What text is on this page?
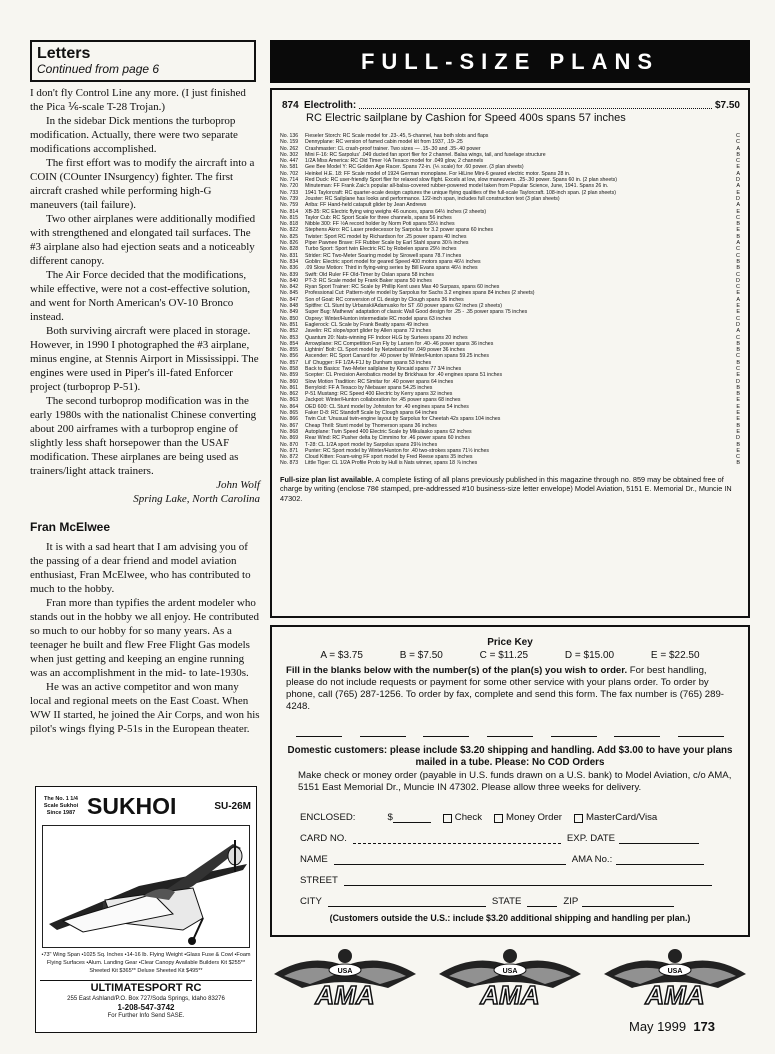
Letters

Continued from page 6

I don't fly Control Line any more. (I just finished the Pica ⅙-scale T-28 Trojan.)

In the sidebar Dick mentions the turboprop modification. Actually, there were two separate modifications accomplished.

The first effort was to modify the aircraft into a COIN (COunter INsurgency) fighter. The first aircraft crashed while performing high-G maneuvers (tail failure).

Two other airplanes were additionally modified with strengthened and elongated tail surfaces. The #3 airplane also had ejection seats and a noticeably different canopy.

The Air Force decided that the modifications, while effective, were not a cost-effective solution, and went for North American's OV-10 Bronco instead.

Both surviving aircraft were placed in storage. However, in 1990 I photographed the #3 airplane, minus engine, at Stennis Airport in Mississippi. The engines were used in Piper's ill-fated Enforcer project (turboprop P-51).

The second turboprop modification was in the early 1980s with the nationalist Chinese converting about 200 airframes with a turboprop engine of slightly less shaft horsepower than the USAF modification. These airplanes are being used as trainers/light attack trainers.

John Wolf
Spring Lake, North Carolina
Fran McElwee

It is with a sad heart that I am advising you of the passing of a dear friend and model aviation enthusiast, Fran McElwee, who has contributed to much to the hobby.

Fran more than typifies the ardent modeler who stands out in the hobby we all enjoy. He contributed so much to our hobby for so many years. As a teenager he built and flew Free Flight Gas models when just getting and keeping an engine running was an accomplishment in the mid- to late-1930s.

He was an active competitor and won many local and regional meets on the East Coast. When WW II started, he joined the Air Corps, and won his pilot's wings flying P-51s in the European theater.

The No. 1 1/4 Scale Sukhoi Since 1987 SUKHOI	SU-26M
•73" Wing Span •1025 Sq. Inches •14-16 lb. Flying Weight •Glass Fuse & Cowl •Foam Flying Surfaces •Alum. Landing Gear •Clear Canopy Available Builders Kit $255** Sheeted Kit $365** Deluxe Sheeted Kit $495**
ULTIMATESPORT RC
255 East Ashland/P.O. Box 727/Soda Springs, Idaho 83276
1-208-547-3742
For Further Info Send SASE.
FULL-SIZE PLANS
874 Electrolith:	$7.50
RC Electric sailplane by Cashion for Speed 400s spans 57 inches
No. 136	Fieseler Storch: RC Scale model for .23-.45, 5-channel, has both slots and flaps	C
No. 159	Dennyplane: RC version of famed cabin model kit from 1937, .19-.25	C
No. 262	Crashmaster: CL crash-proof trainer. Two sizes — .15-.30 and .35-.40 power	A
No. 302	Mini F-16: RC Sarpolus' .049 ducted fan sport flier for 2 channel. Balsa wings, tail, and fuselage structure	B
No. 447	1/2A Miss America: RC Old Timer ½A Texaco model for .049 glow, 2 channels	C
No. 581	Gee Bee Model Y: RC Golden Age Racer. Spans 72-in. (⅙ scale) for .60 power. (3 plan sheets)	E
No. 702	Heinkel H.E. 18: FF Scale model of 1924 German monoplane. For HiLine Mini-6 geared electric motor. Spans 28 in.	A
No. 714	Red Duck: RC user-friendly Sport flier for relaxed slow flight. Excels at low, slow maneuvers. .25-.30 power. Spans 60 in. (2 plan sheets)	D
No. 720	Minuteman: FF Frank Zaic's popular all-balsa-covered rubber-powered model taken from Popular Science, June, 1941. Spans 26 in.	A
No. 733	1941 Taylorcraft: RC quarter-scale design captures the unique flying qualities of the full-scale Taylorcraft. 108-inch span. (2 plan sheets)	E
No. 739	Jouster: RC Sailplane has looks and performance. 122-inch span, includes full construction text (3 plan sheets)	D
No. 759	Ariba: FF Hand-held catapult glider by Jean Andrews	A
No. 814	XB-35: RC Electric flying wing weighs 46 ounces, spans 64½ inches (2 sheets)	E
No. 815	Taylor Cub: RC Sport Scale for three channels, spans 56 inches	C
No. 818	Nibble 300: FF ½A record holder by Norm Poti spans 55½ inches	B
No. 822	Stephens Akro: RC Laser predecessor by Sarpolus for 3.2 power spans 60 inches	E
No. 825	Twister: Sport RC model by Richardson for .25 power spans 40 inches	B
No. 826	Piper Pawnee Brave: FF Rubber Scale by Earl Stahl spans 30⅞ inches	A
No. 828	Turbo Sport: Sport twin Electric RC by Robelen spans 29½ inches	C
No. 831	Strider: RC Two-Meter Soaring model by Sirowell spans 78.7 inches	C
No. 834	Goblin: Electric sport model for geared Speed 400 motors spans 46½ inches	B
No. 836	.09 Slow Motion: Third in flying-wing series by Bill Evans spans 46½ inches	B
No. 839	Swift: Old Ruler FF Old-Timer by Oslan spans 58 inches	C
No. 840	PT-3: RC Scale model by Frank Baker spans 50 inches	D
No. 842	Ryan Sport Trainer: RC Scale by Phillip Kent uses Max 40 Surpass, spans 60 inches	C
No. 845	Professional Cut: Pattern-style model by Sarpolus for Sachs 3.2 engines spans 84 inches (2 sheets)	E
No. 847	Son of Goat: RC conversion of CL design by Clough spans 36 inches	A
No. 848	Spitfire: CL Stunt by Urbanski/Adamusko for ST .60 power spans 62 inches (2 sheets)	E
No. 849	Super Bug: Mathews' adaptation of classic Wall Good design for .25 - .35 power spans 75 inches	E
No. 850	Osprey: Winter/Hunton intermediate RC model spans 63 inches	C
No. 851	Eaglerock: CL Scale by Frank Beatty spans 49 inches	D
No. 852	Javelin: RC slope/sport glider by Allen spans 72 inches	A
No. 853	Quantum 20: Nats-winning FF Indoor HLG by Surtees spans 20 inches	C
No. 854	Arrowplane: RC Competition Fun Fly by Larsen for .40-.46 power spans 36 inches	B
No. 855	Lightnin' Bolt: CL Sport model by Netzeband for .049 power 36 inches	B
No. 856	Ascender: RC Sport Canard for .40 power by Winter/Hunton spans 59.25 inches	C
No. 857	Lil' Chugger: FF 1/2A-F1J by Dunham spans 53 inches	B
No. 858	Back to Basics: Two-Meter sailplane by Kincaid spans 77 3/4 inches	C
No. 859	Scepter: CL Precision Aerobatics model by Brickhaus for .40 engines spans 51 inches	E
No. 860	Slow Motion Tradition: RC Simitar for .40 power spans 64 inches	D
No. 861	Berryloid: FF A Texaco by Niebauer spans 54.25 inches	B
No. 862	P-51 Mustang: RC Speed 400 Electric by Kerry spans 32 inches	B
No. 863	Jackpot: Winter/Hunton collaboration for .45 power spans 68 inches	E
No. 864	OED 600: CL Stunt model by Johnston for .40 engines spans 54 inches	E
No. 865	Faker D-8: RC Standoff Scale by Clough spans 64 inches	E
No. 866	Twin Cut: 'Unusual twin-engine layout by Sarpolus for Cheetah 42s spans 104 inches	E
No. 867	Cheap Thrill: Stunt model by Thomerson spans 36 inches	B
No. 868	Autoplane: Twin Speed 400 Electric Scale by Mikulasko spans 62 inches	E
No. 869	Rear Wind: RC Pusher delta by Cimmino for .46 power spans 60 inches	D
No. 870	T-28: CL 1/2A sport model by Sarpolus spans 29⅛ inches	B
No. 871	Punter: RC Sport model by Winter/Hunton for .40 two-strokes spans 71½ inches	E
No. 872	Cloud Kitten: Foam-wing FF sport model by Fred Reese spans 35 inches	C
No. 873	Little Tiger: CL 1/2A Profile Proto by Hull is Nats winner, spans 18 ⅞ inches	B
Full-size plan list available. A complete listing of all plans previously published in this magazine through no. 859 may be obtained free of charge by writing (enclose 78¢ stamped, pre-addressed #10 business-size letter envelope) Model Aviation, 5151 E. Memorial Dr., Muncie IN 47302.
Price Key
A = $3.75	B = $7.50	C = $11.25	D = $15.00	E = $22.50
Fill in the blanks below with the number(s) of the plan(s) you wish to order. For best handling, please do not include requests or payment for some other service with your plans order. To order by phone, call (765) 287-1256. To order by fax, complete and send this form. The fax number is (765) 289-4248.
Domestic customers: please include $3.20 shipping and handling. Add $3.00 to have your plans mailed in a tube. Please: No COD Orders
Make check or money order (payable in U.S. funds drawn on a U.S. bank) to Model Aviation, c/o AMA, 5151 East Memorial Dr., Muncie IN 47302. Please allow three weeks for delivery.
ENCLOSED:	$	Check	Money Order	MasterCard/Visa
CARD NO.	EXP. DATE
NAME	AMA No.:
STREET
CITY	STATE	ZIP
(Customers outside the U.S.: include $3.20 additional shipping and handling per plan.)
USA
AMA
USA
AMA
USA
AMA
May 1999 173
